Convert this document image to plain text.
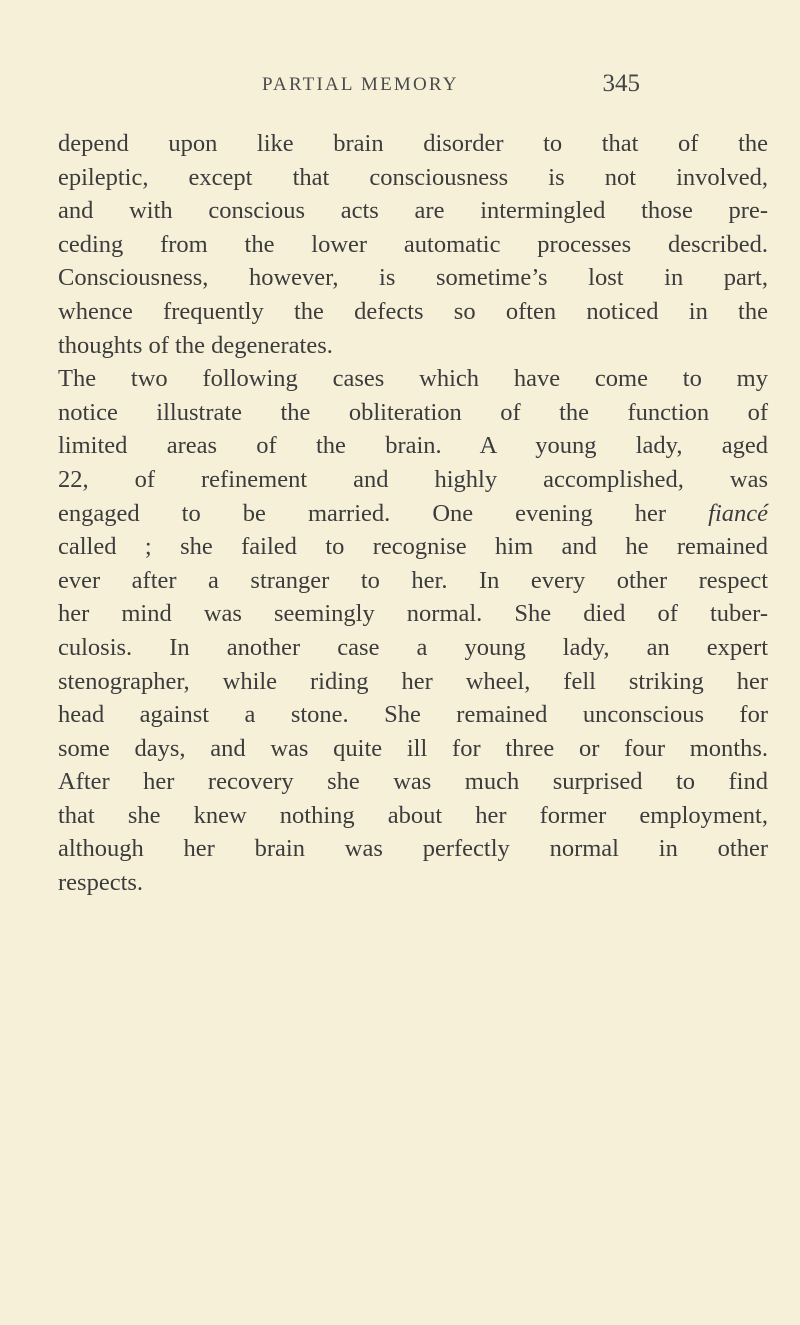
PARTIAL MEMORY	345
depend upon like brain disorder to that of the
epileptic, except that consciousness is not involved,
and with conscious acts are intermingled those pre-
ceding from the lower automatic processes described.
Consciousness, however, is sometime’s lost in part,
whence frequently the defects so often noticed in the
thoughts of the degenerates.
The two following cases which have come to my
notice illustrate the obliteration of the function of
limited areas of the brain. A young lady, aged
22, of refinement and highly accomplished, was
engaged to be married. One evening her fiancé
called ; she failed to recognise him and he remained
ever after a stranger to her. In every other respect
her mind was seemingly normal. She died of tuber-
culosis. In another case a young lady, an expert
stenographer, while riding her wheel, fell striking her
head against a stone. She remained unconscious for
some days, and was quite ill for three or four months.
After her recovery she was much surprised to find
that she knew nothing about her former employment,
although her brain was perfectly normal in other
respects.
